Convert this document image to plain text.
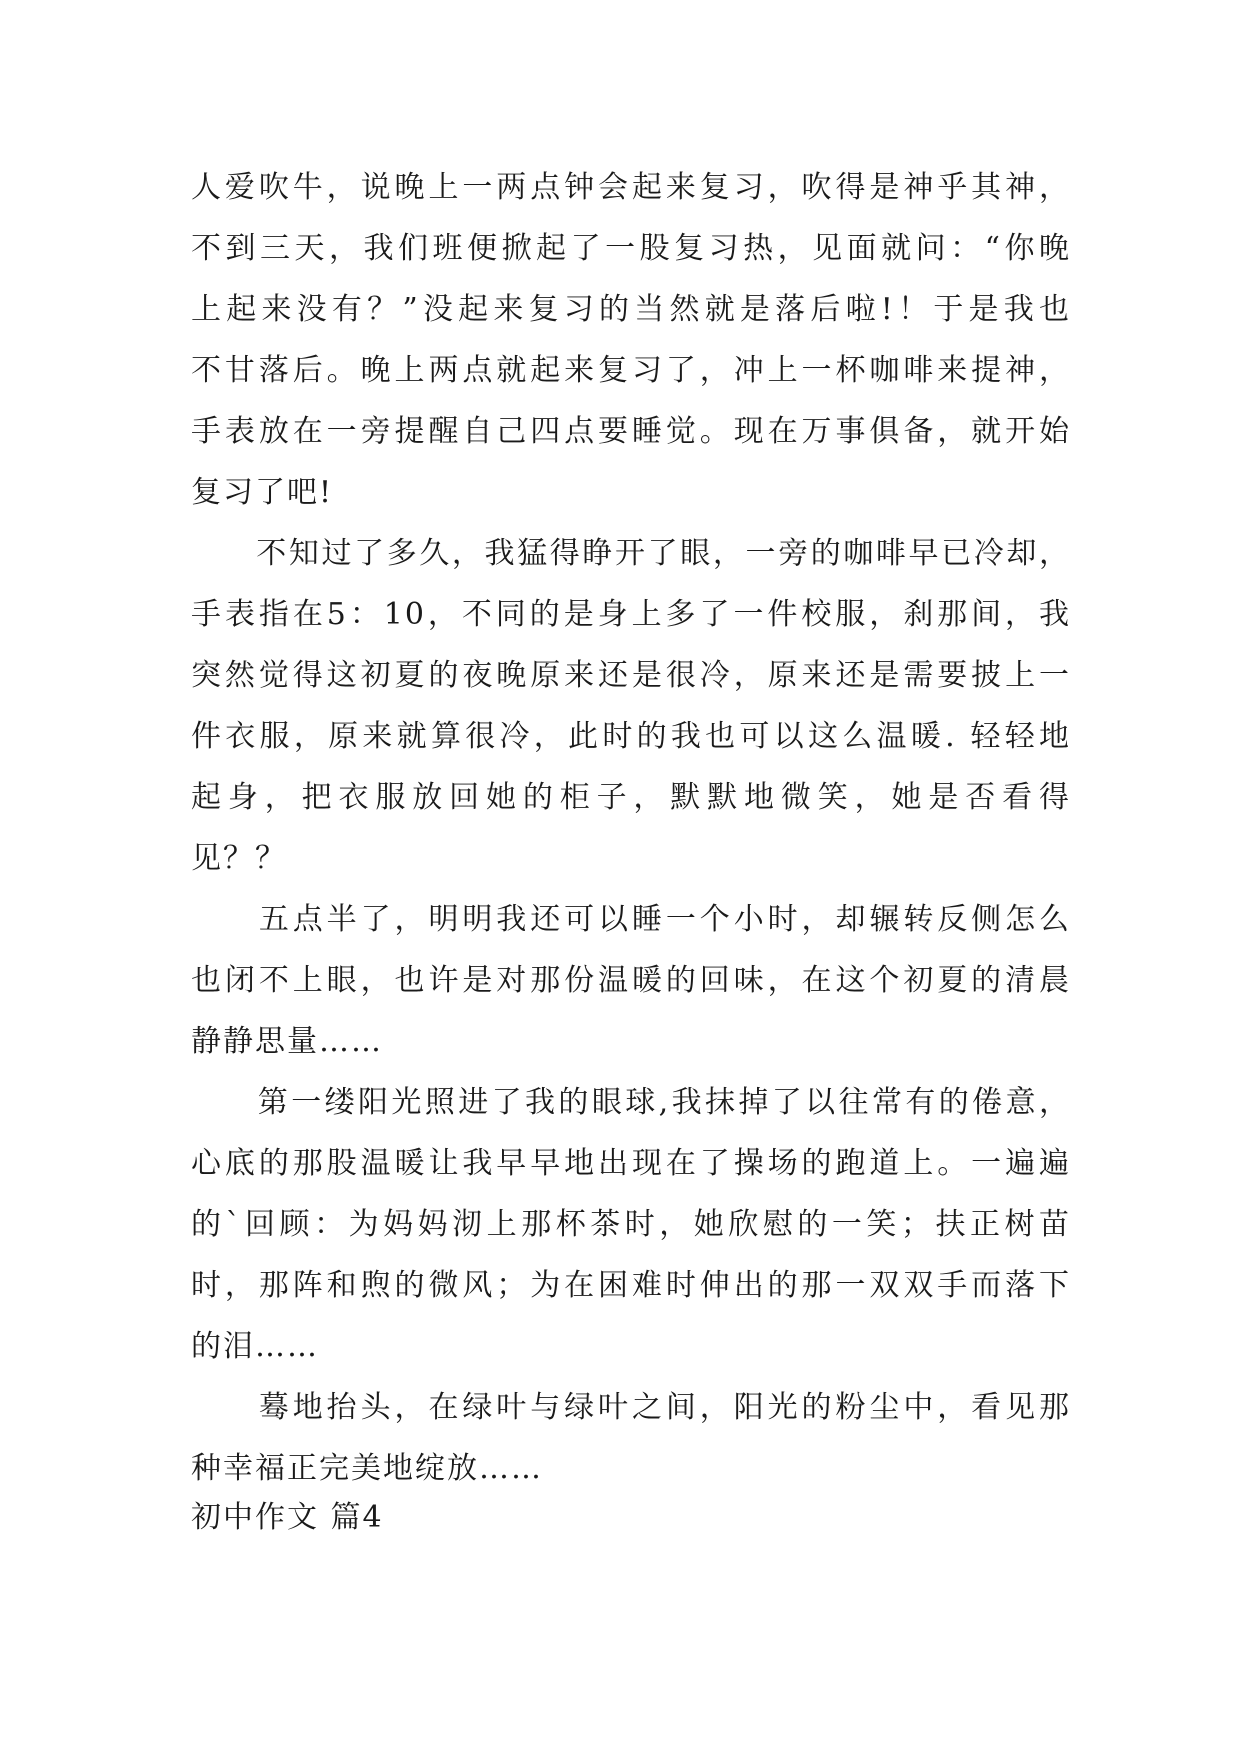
人爱吹牛，说晚上一两点钟会起来复习，吹得是神乎其神，
不到三天，我们班便掀起了一股复习热，见面就问：“你晚
上起来没有？”没起来复习的当然就是落后啦!！于是我也
不甘落后。晚上两点就起来复习了，冲上一杯咖啡来提神，
手表放在一旁提醒自己四点要睡觉。现在万事俱备，就开始
复习了吧!
　　不知过了多久，我猛得睁开了眼，一旁的咖啡早已冷却，
手表指在5：10，不同的是身上多了一件校服，刹那间，我
突然觉得这初夏的夜晚原来还是很冷，原来还是需要披上一
件衣服，原来就算很冷，此时的我也可以这么温暖. 轻轻地
起身，把衣服放回她的柜子，默默地微笑，她是否看得
见？？
　　五点半了，明明我还可以睡一个小时，却辗转反侧怎么
也闭不上眼，也许是对那份温暖的回味，在这个初夏的清晨
静静思量……
　　第一缕阳光照进了我的眼球,我抹掉了以往常有的倦意，
心底的那股温暖让我早早地出现在了操场的跑道上。一遍遍
的`回顾：为妈妈沏上那杯茶时，她欣慰的一笑；扶正树苗
时，那阵和煦的微风；为在困难时伸出的那一双双手而落下
的泪……
　　蓦地抬头，在绿叶与绿叶之间，阳光的粉尘中，看见那
种幸福正完美地绽放……
初中作文 篇4
